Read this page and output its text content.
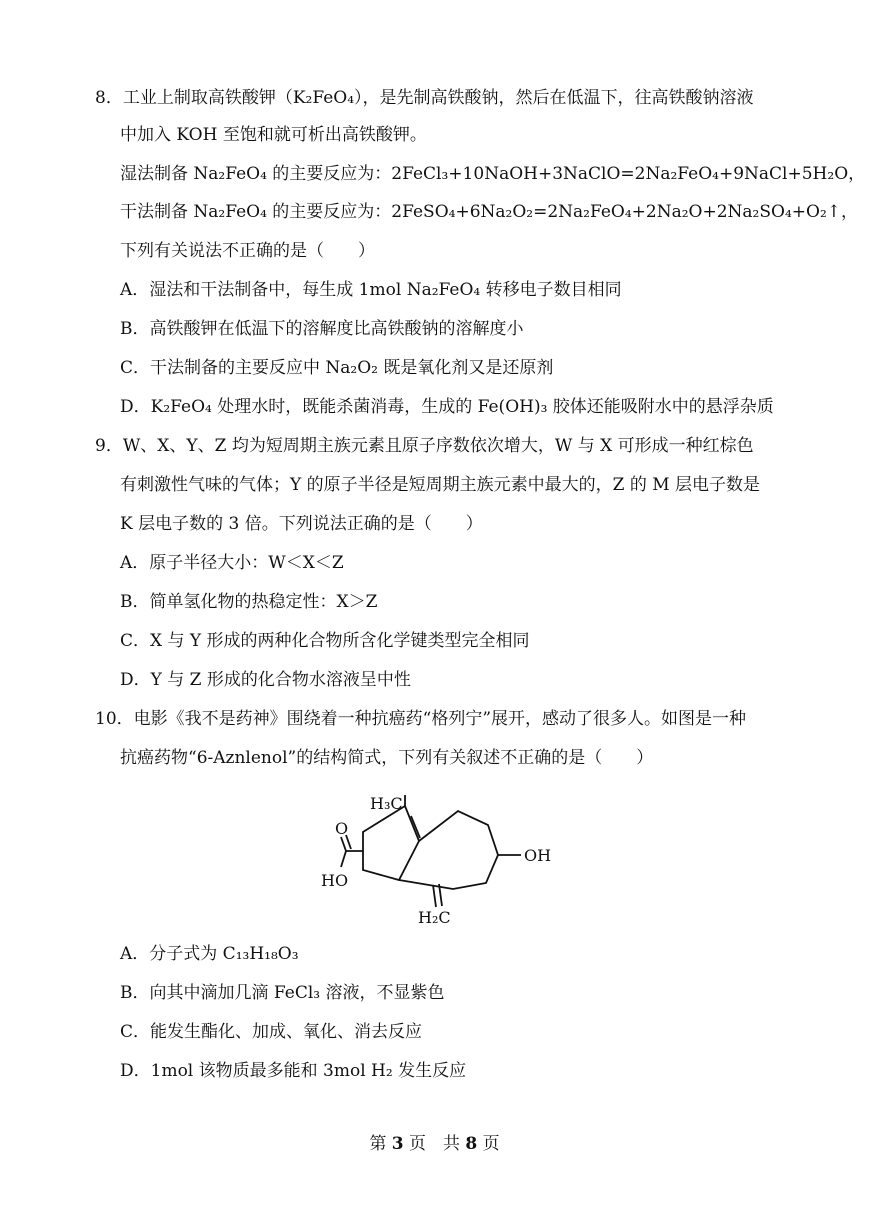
8．工业上制取高铁酸钾（K₂FeO₄），是先制高铁酸钠，然后在低温下，往高铁酸钠溶液
中加入 KOH 至饱和就可析出高铁酸钾。
湿法制备 Na₂FeO₄ 的主要反应为：2FeCl₃+10NaOH+3NaClO=2Na₂FeO₄+9NaCl+5H₂O，
干法制备 Na₂FeO₄ 的主要反应为：2FeSO₄+6Na₂O₂=2Na₂FeO₄+2Na₂O+2Na₂SO₄+O₂↑，
下列有关说法不正确的是（　　）
A．湿法和干法制备中，每生成 1mol Na₂FeO₄ 转移电子数目相同
B．高铁酸钾在低温下的溶解度比高铁酸钠的溶解度小
C．干法制备的主要反应中 Na₂O₂ 既是氧化剂又是还原剂
D．K₂FeO₄ 处理水时，既能杀菌消毒，生成的 Fe(OH)₃ 胶体还能吸附水中的悬浮杂质
9．W、X、Y、Z 均为短周期主族元素且原子序数依次增大，W 与 X 可形成一种红棕色
有刺激性气味的气体；Y 的原子半径是短周期主族元素中最大的，Z 的 M 层电子数是
K 层电子数的 3 倍。下列说法正确的是（　　）
A．原子半径大小：W＜X＜Z
B．简单氢化物的热稳定性：X＞Z
C．X 与 Y 形成的两种化合物所含化学键类型完全相同
D．Y 与 Z 形成的化合物水溶液呈中性
10．电影《我不是药神》围绕着一种抗癌药“格列宁”展开，感动了很多人。如图是一种
抗癌药物“6-Aznlenol”的结构简式，下列有关叙述不正确的是（　　）
H₃C
O
HO
OH
H₂C
A．分子式为 C₁₃H₁₈O₃
B．向其中滴加几滴 FeCl₃ 溶液，不显紫色
C．能发生酯化、加成、氧化、消去反应
D．1mol 该物质最多能和 3mol H₂ 发生反应
第 3 页　共 8 页
